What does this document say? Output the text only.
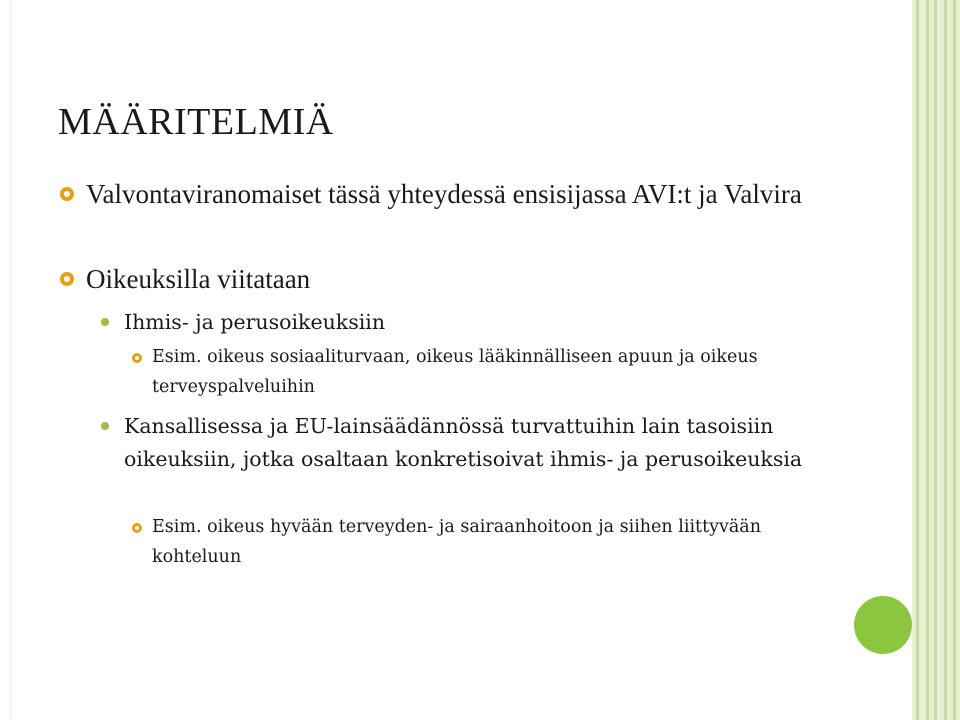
MÄÄRITELMIÄ
Valvontaviranomaiset tässä yhteydessä ensisijassa AVI:t ja Valvira
Oikeuksilla viitataan
Ihmis- ja perusoikeuksiin
Esim. oikeus sosiaaliturvaan, oikeus lääkinnälliseen apuun ja oikeus terveyspalveluihin
Kansallisessa ja EU-lainsäädännössä turvattuihin lain tasoisiin oikeuksiin, jotka osaltaan konkretisoivat ihmis- ja perusoikeuksia
Esim. oikeus hyvään terveyden- ja sairaanhoitoon ja siihen liittyvään kohteluun
